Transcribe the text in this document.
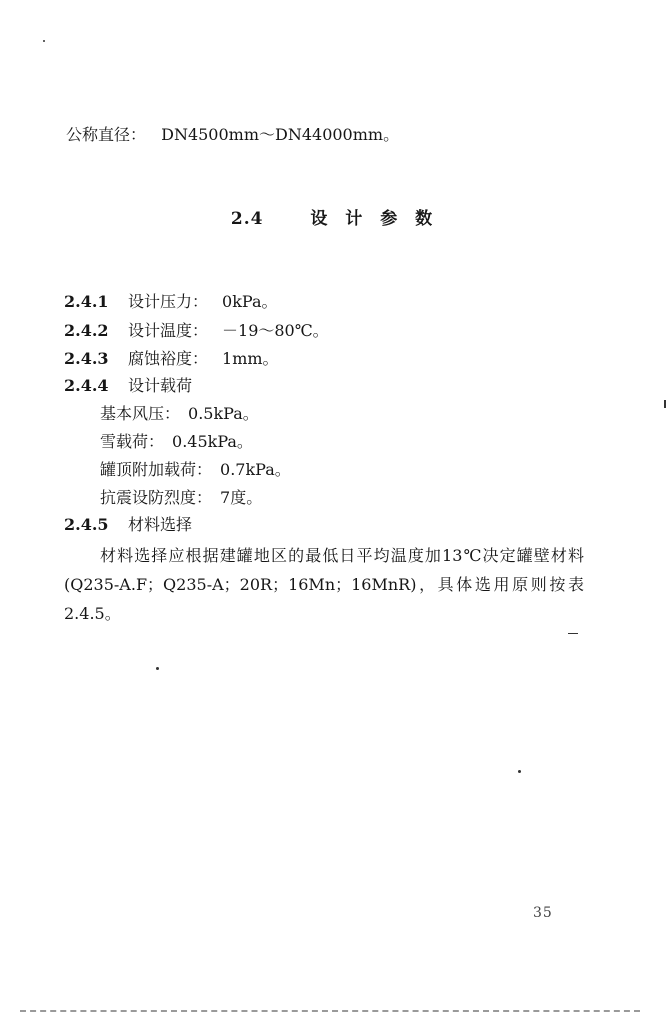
公称直径： DN4500mm～DN44000mm。
2.4	设 计 参 数
2.4.1 设计压力： 0kPa。
2.4.2 设计温度： －19～80℃。
2.4.3 腐蚀裕度： 1mm。
2.4.4 设计载荷
基本风压： 0.5kPa。
雪载荷： 0.45kPa。
罐顶附加载荷： 0.7kPa。
抗震设防烈度： 7度。
2.4.5 材料选择
材料选择应根据建罐地区的最低日平均温度加13℃决定罐壁材料(Q235-A.F；Q235-A；20R；16Mn；16MnR)，具体选用原则按表2.4.5。
35
